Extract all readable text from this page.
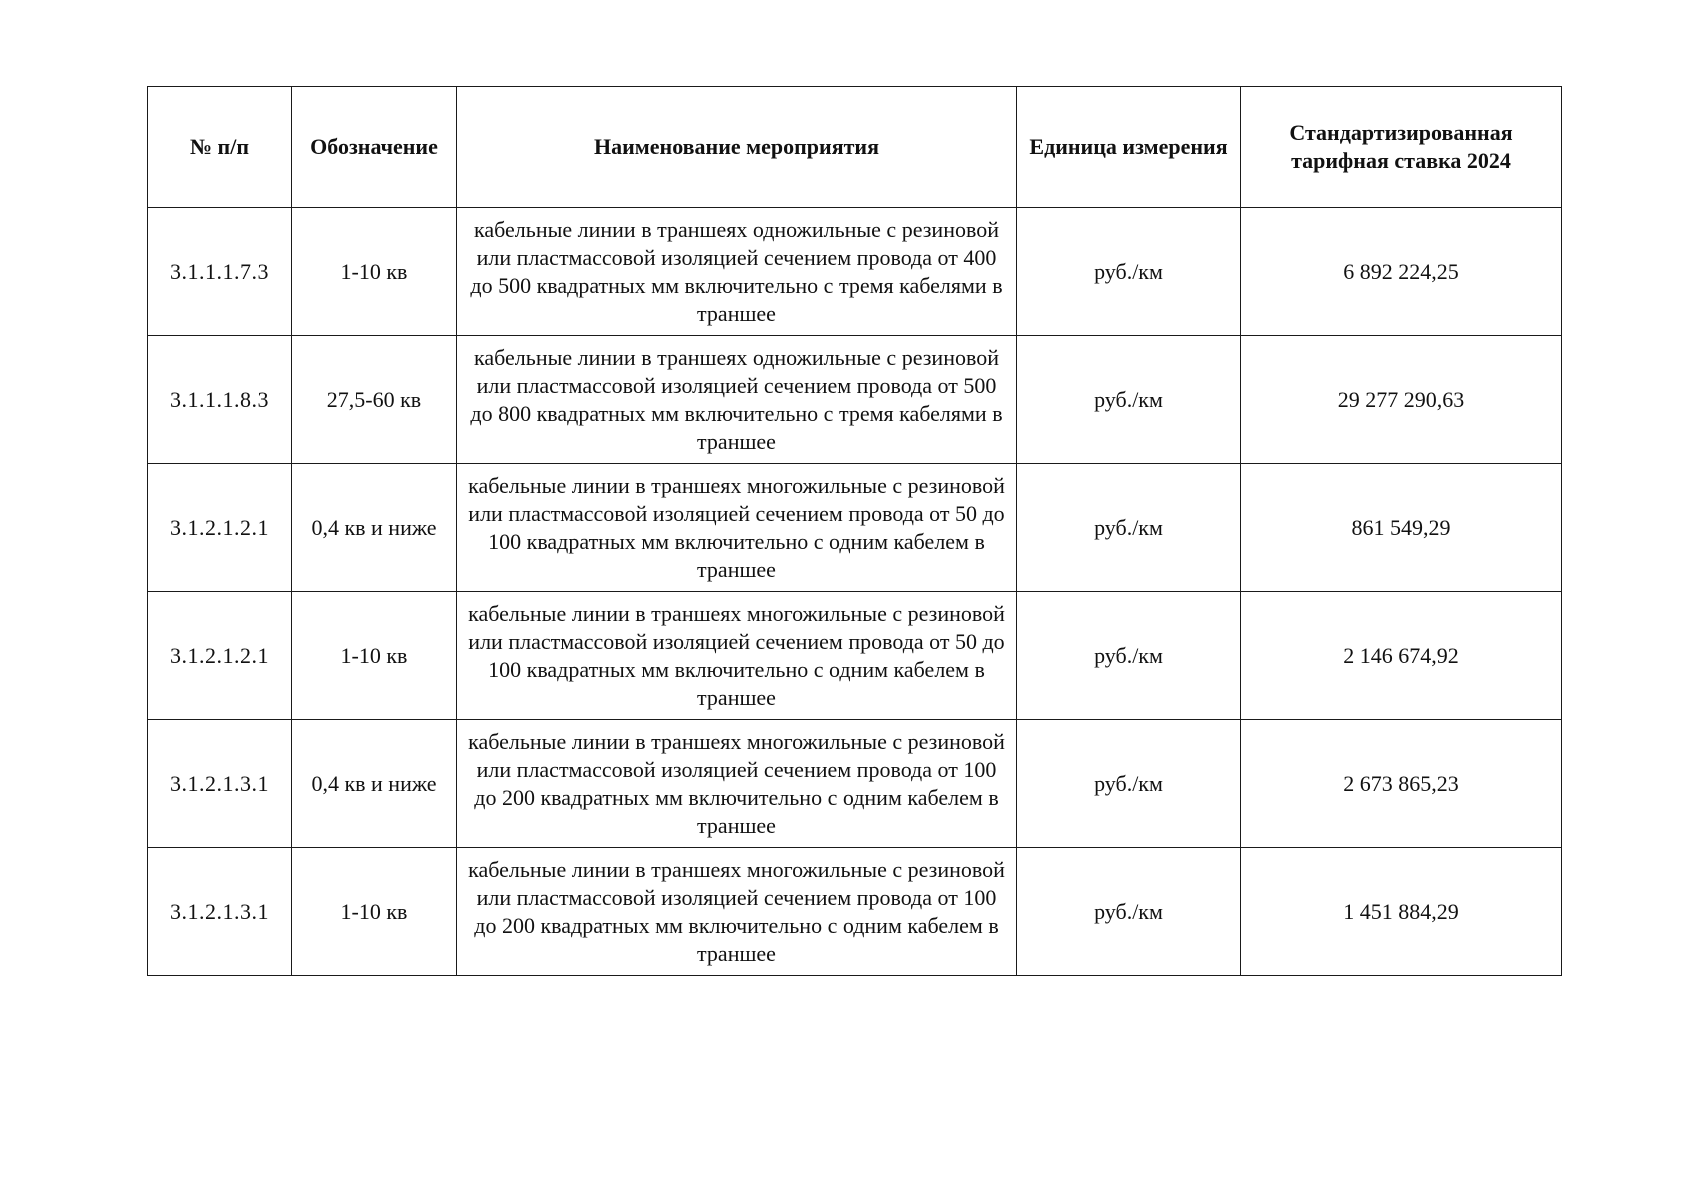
№ п/п	Обозначение	Наименование мероприятия	Единица измерения	Стандартизированная тарифная ставка 2024
3.1.1.1.7.3	1-10 кв	кабельные линии в траншеях одножильные с резиновой или пластмассовой изоляцией сечением провода от 400 до 500 квадратных мм включительно с тремя кабелями в траншее	руб./км	6 892 224,25
3.1.1.1.8.3	27,5-60 кв	кабельные линии в траншеях одножильные с резиновой или пластмассовой изоляцией сечением провода от 500 до 800 квадратных мм включительно с тремя кабелями в траншее	руб./км	29 277 290,63
3.1.2.1.2.1	0,4 кв и ниже	кабельные линии в траншеях многожильные с резиновой или пластмассовой изоляцией сечением провода от 50 до 100 квадратных мм включительно с одним кабелем в траншее	руб./км	861 549,29
3.1.2.1.2.1	1-10 кв	кабельные линии в траншеях многожильные с резиновой или пластмассовой изоляцией сечением провода от 50 до 100 квадратных мм включительно с одним кабелем в траншее	руб./км	2 146 674,92
3.1.2.1.3.1	0,4 кв и ниже	кабельные линии в траншеях многожильные с резиновой или пластмассовой изоляцией сечением провода от 100 до 200 квадратных мм включительно с одним кабелем в траншее	руб./км	2 673 865,23
3.1.2.1.3.1	1-10 кв	кабельные линии в траншеях многожильные с резиновой или пластмассовой изоляцией сечением провода от 100 до 200 квадратных мм включительно с одним кабелем в траншее	руб./км	1 451 884,29
